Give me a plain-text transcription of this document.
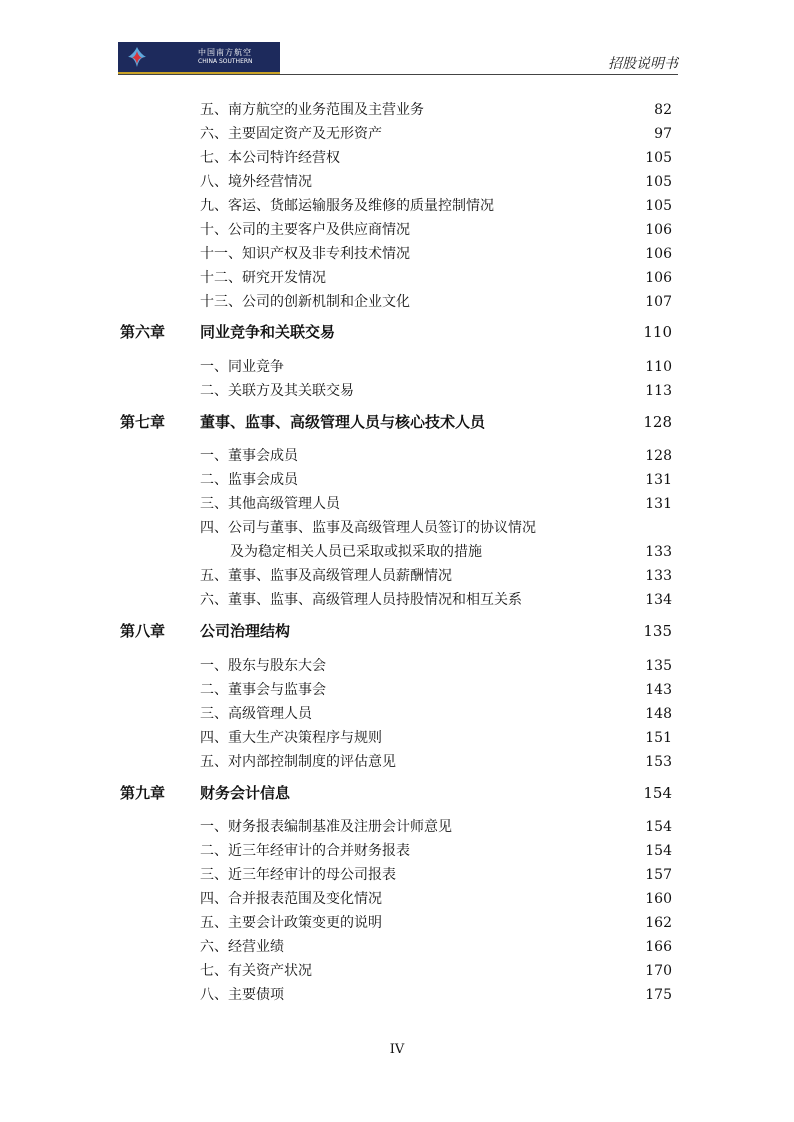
中国南方航空
CHINA SOUTHERN	招股说明书
五、南方航空的业务范围及主营业务	82
六、主要固定资产及无形资产	97
七、本公司特许经营权	105
八、境外经营情况	105
九、客运、货邮运输服务及维修的质量控制情况	105
十、公司的主要客户及供应商情况	106
十一、知识产权及非专利技术情况	106
十二、研究开发情况	106
十三、公司的创新机制和企业文化	107
第六章 同业竞争和关联交易	110
一、同业竞争	110
二、关联方及其关联交易	113
第七章 董事、监事、高级管理人员与核心技术人员	128
一、董事会成员	128
二、监事会成员	131
三、其他高级管理人员	131
四、公司与董事、监事及高级管理人员签订的协议情况
及为稳定相关人员已采取或拟采取的措施	133
五、董事、监事及高级管理人员薪酬情况	133
六、董事、监事、高级管理人员持股情况和相互关系	134
第八章 公司治理结构	135
一、股东与股东大会	135
二、董事会与监事会	143
三、高级管理人员	148
四、重大生产决策程序与规则	151
五、对内部控制制度的评估意见	153
第九章 财务会计信息	154
一、财务报表编制基准及注册会计师意见	154
二、近三年经审计的合并财务报表	154
三、近三年经审计的母公司报表	157
四、合并报表范围及变化情况	160
五、主要会计政策变更的说明	162
六、经营业绩	166
七、有关资产状况	170
八、主要债项	175
IV
